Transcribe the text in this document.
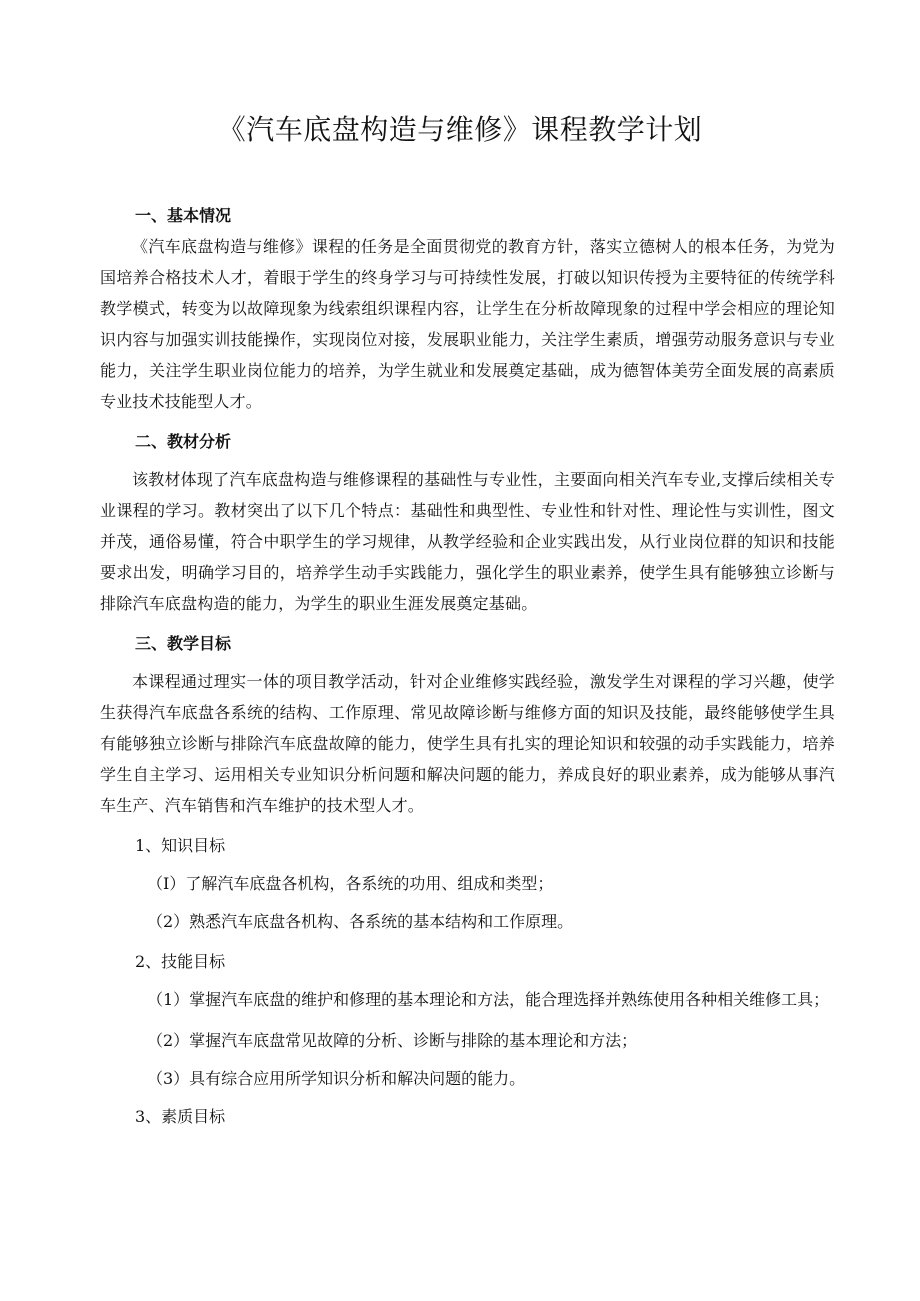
《汽车底盘构造与维修》课程教学计划
一、基本情况

《汽车底盘构造与维修》课程的任务是全面贯彻党的教育方针，落实立德树人的根本任务，为党为国培养合格技术人才，着眼于学生的终身学习与可持续性发展，打破以知识传授为主要特征的传统学科教学模式，转变为以故障现象为线索组织课程内容，让学生在分析故障现象的过程中学会相应的理论知识内容与加强实训技能操作，实现岗位对接，发展职业能力，关注学生素质，增强劳动服务意识与专业能力，关注学生职业岗位能力的培养，为学生就业和发展奠定基础，成为德智体美劳全面发展的高素质专业技术技能型人才。

二、教材分析

该教材体现了汽车底盘构造与维修课程的基础性与专业性，主要面向相关汽车专业,支撑后续相关专业课程的学习。教材突出了以下几个特点：基础性和典型性、专业性和针对性、理论性与实训性，图文并茂，通俗易懂，符合中职学生的学习规律，从教学经验和企业实践出发，从行业岗位群的知识和技能要求出发，明确学习目的，培养学生动手实践能力，强化学生的职业素养，使学生具有能够独立诊断与排除汽车底盘构造的能力，为学生的职业生涯发展奠定基础。

三、教学目标

本课程通过理实一体的项目教学活动，针对企业维修实践经验，激发学生对课程的学习兴趣，使学生获得汽车底盘各系统的结构、工作原理、常见故障诊断与维修方面的知识及技能，最终能够使学生具有能够独立诊断与排除汽车底盘故障的能力，使学生具有扎实的理论知识和较强的动手实践能力，培养学生自主学习、运用相关专业知识分析问题和解决问题的能力，养成良好的职业素养，成为能够从事汽车生产、汽车销售和汽车维护的技术型人才。

1、知识目标

（I）了解汽车底盘各机构，各系统的功用、组成和类型；

（2）熟悉汽车底盘各机构、各系统的基本结构和工作原理。

2、技能目标

（1）掌握汽车底盘的维护和修理的基本理论和方法，能合理选择并熟练使用各种相关维修工具；

（2）掌握汽车底盘常见故障的分析、诊断与排除的基本理论和方法；

（3）具有综合应用所学知识分析和解决问题的能力。

3、素质目标
